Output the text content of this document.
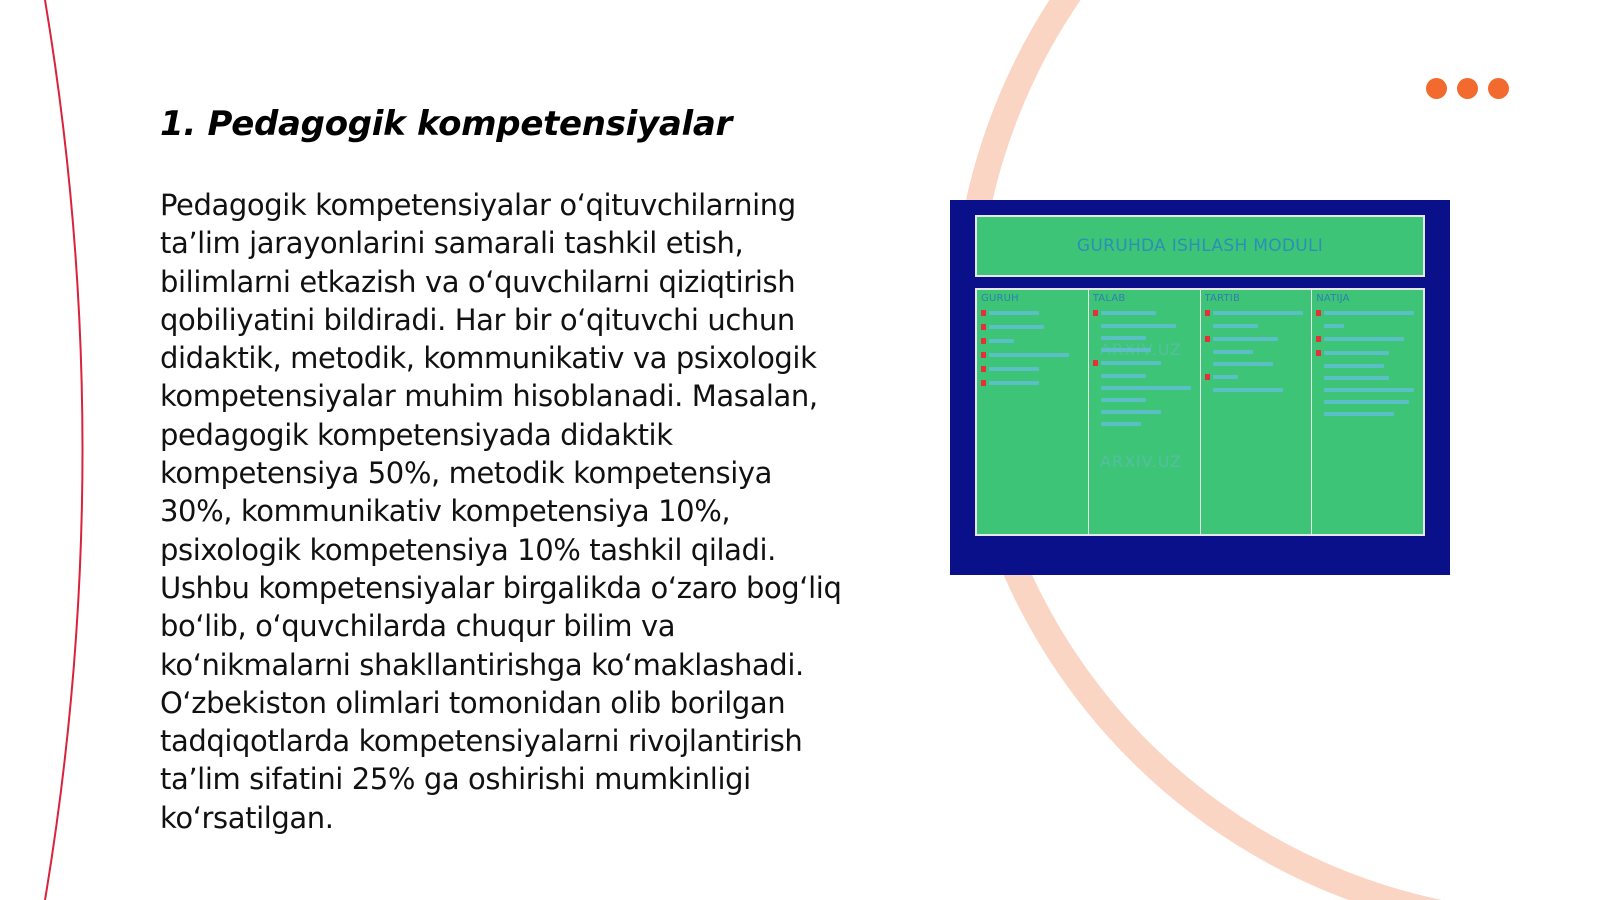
1. Pedagogik kompetensiyalar

Pedagogik kompetensiyalar oʻqituvchilarning taʼlim jarayonlarini samarali tashkil etish, bilimlarni etkazish va oʻquvchilarni qiziqtirish qobiliyatini bildiradi. Har bir oʻqituvchi uchun didaktik, metodik, kommunikativ va psixologik kompetensiyalar muhim hisoblanadi. Masalan, pedagogik kompetensiyada didaktik kompetensiya 50%, metodik kompetensiya 30%, kommunikativ kompetensiya 10%, psixologik kompetensiya 10% tashkil qiladi. Ushbu kompetensiyalar birgalikda oʻzaro bogʻliq boʻlib, oʻquvchilarda chuqur bilim va koʻnikmalarni shakllantirishga koʻmaklashadi. Oʻzbekiston olimlari tomonidan olib borilgan tadqiqotlarda kompetensiyalarni rivojlantirish taʼlim sifatini 25% ga oshirishi mumkinligi koʻrsatilgan.

GURUHDA ISHLASH MODULI
GURUH	TALAB	TARTIB	NATIJA
ARXIV.UZ
ARXIV.UZ
